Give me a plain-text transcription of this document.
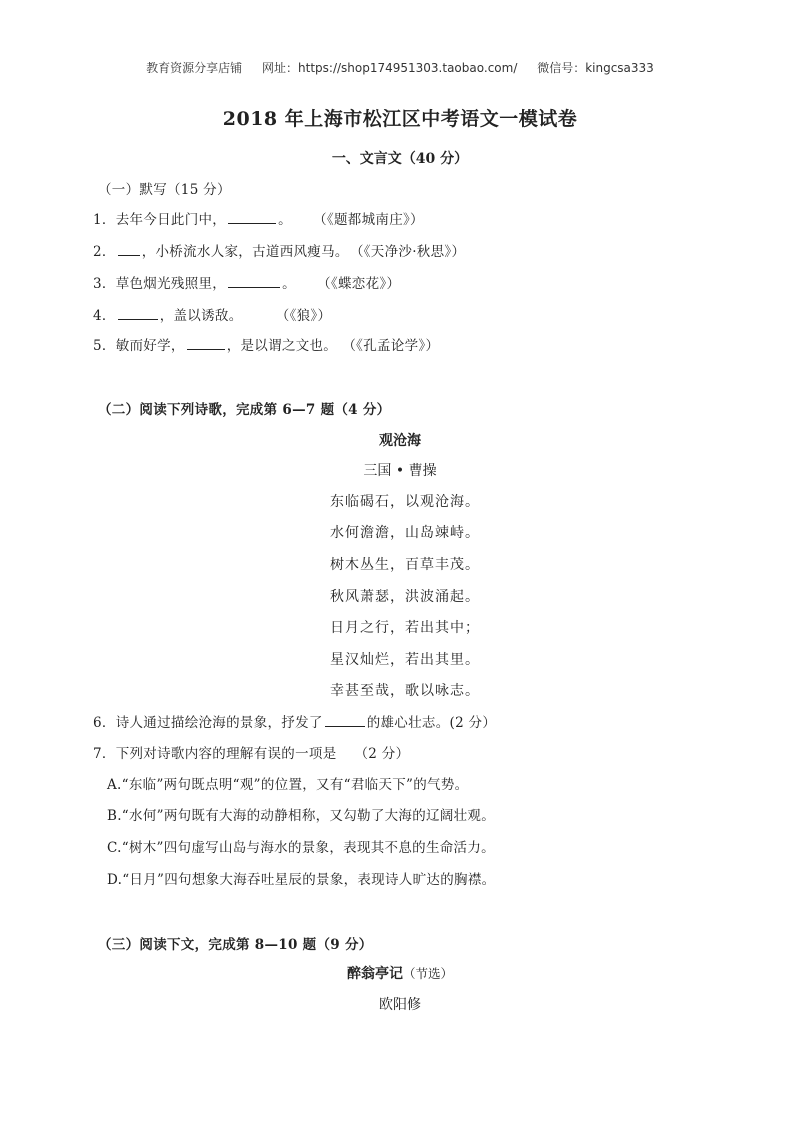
教育资源分享店铺 网址：https://shop174951303.taobao.com/ 微信号：kingcsa333
2018 年上海市松江区中考语文一模试卷
一、文言文（40 分）
（一）默写（15 分）
1．去年今日此门中，	。 （《题都城南庄》）
2． ，小桥流水人家，古道西风瘦马。 （《天净沙·秋思》）
3．草色烟光残照里，	。 （《蝶恋花》）
4．	，盖以诱敌。	（《狼》）
5．敏而好学，	，是以谓之文也。 （《孔孟论学》）
（二）阅读下列诗歌，完成第 6—7 题（4 分）
观沧海
三国 • 曹操
东临碣石，以观沧海。
水何澹澹，山岛竦峙。
树木丛生，百草丰茂。
秋风萧瑟，洪波涌起。
日月之行，若出其中；
星汉灿烂，若出其里。
幸甚至哉，歌以咏志。
6．诗人通过描绘沧海的景象，抒发了	的雄心壮志。(2 分）
7．下列对诗歌内容的理解有误的一项是 （2 分）
A.“东临”两句既点明“观”的位置，又有“君临天下”的气势。
B.“水何”两句既有大海的动静相称，又勾勒了大海的辽阔壮观。
C.“树木”四句虚写山岛与海水的景象，表现其不息的生命活力。
D.“日月”四句想象大海吞吐星辰的景象，表现诗人旷达的胸襟。
（三）阅读下文，完成第 8—10 题（9 分）
醉翁亭记（节选）
欧阳修
